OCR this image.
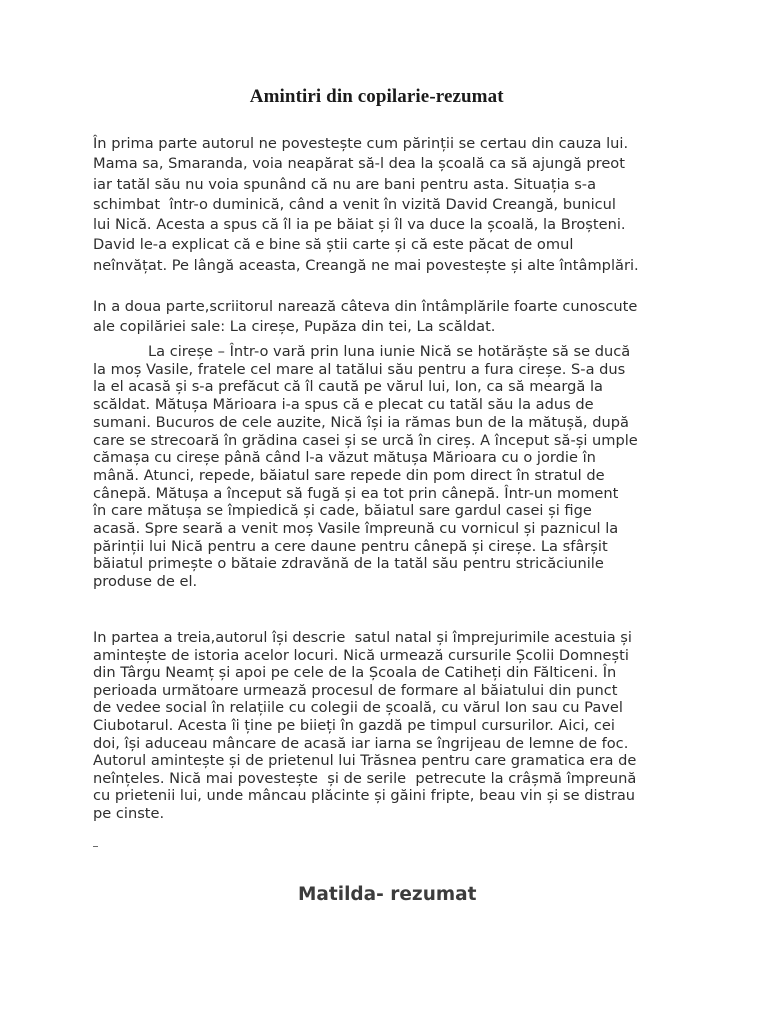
Amintiri din copilarie-rezumat
În prima parte autorul ne povestește cum părinții se certau din cauza lui.
Mama sa, Smaranda, voia neapărat să-l dea la școală ca să ajungă preot
iar tatăl său nu voia spunând că nu are bani pentru asta. Situația s-a
schimbat  într-o duminică, când a venit în vizită David Creangă, bunicul
lui Nică. Acesta a spus că îl ia pe băiat și îl va duce la școală, la Broșteni.
David le-a explicat că e bine să știi carte și că este păcat de omul
neînvățat. Pe lângă aceasta, Creangă ne mai povestește și alte întâmplări.
In a doua parte,scriitorul narează câteva din întâmplările foarte cunoscute
ale copilăriei sale: La cireșe, Pupăza din tei, La scăldat.
La cireșe – Într-o vară prin luna iunie Nică se hotărăște să se ducă
la moș Vasile, fratele cel mare al tatălui său pentru a fura cireșe. S-a dus
la el acasă și s-a prefăcut că îl caută pe vărul lui, Ion, ca să meargă la
scăldat. Mătușa Mărioara i-a spus că e plecat cu tatăl său la adus de
sumani. Bucuros de cele auzite, Nică își ia rămas bun de la mătușă, după
care se strecoară în grădina casei și se urcă în cireș. A început să-și umple
cămașa cu cireșe până când l-a văzut mătușa Mărioara cu o jordie în
mână. Atunci, repede, băiatul sare repede din pom direct în stratul de
cânepă. Mătușa a început să fugă și ea tot prin cânepă. Într-un moment
în care mătușa se împiedică și cade, băiatul sare gardul casei și fige
acasă. Spre seară a venit moș Vasile împreună cu vornicul și paznicul la
părinții lui Nică pentru a cere daune pentru cânepă și cireșe. La sfârșit
băiatul primește o bătaie zdravănă de la tatăl său pentru stricăciunile
produse de el.
In partea a treia,autorul își descrie  satul natal și împrejurimile acestuia și
amintește de istoria acelor locuri. Nică urmează cursurile Școlii Domnești
din Târgu Neamț și apoi pe cele de la Școala de Catiheți din Fălticeni. În
perioada următoare urmează procesul de formare al băiatului din punct
de vedee social în relațiile cu colegii de școală, cu vărul Ion sau cu Pavel
Ciubotarul. Acesta îi ține pe biieți în gazdă pe timpul cursurilor. Aici, cei
doi, își aduceau mâncare de acasă iar iarna se îngrijeau de lemne de foc.
Autorul amintește și de prietenul lui Trăsnea pentru care gramatica era de
neînțeles. Nică mai povestește  și de serile  petrecute la crâșmă împreună
cu prietenii lui, unde mâncau plăcinte și găini fripte, beau vin și se distrau
pe cinste.
Matilda- rezumat
